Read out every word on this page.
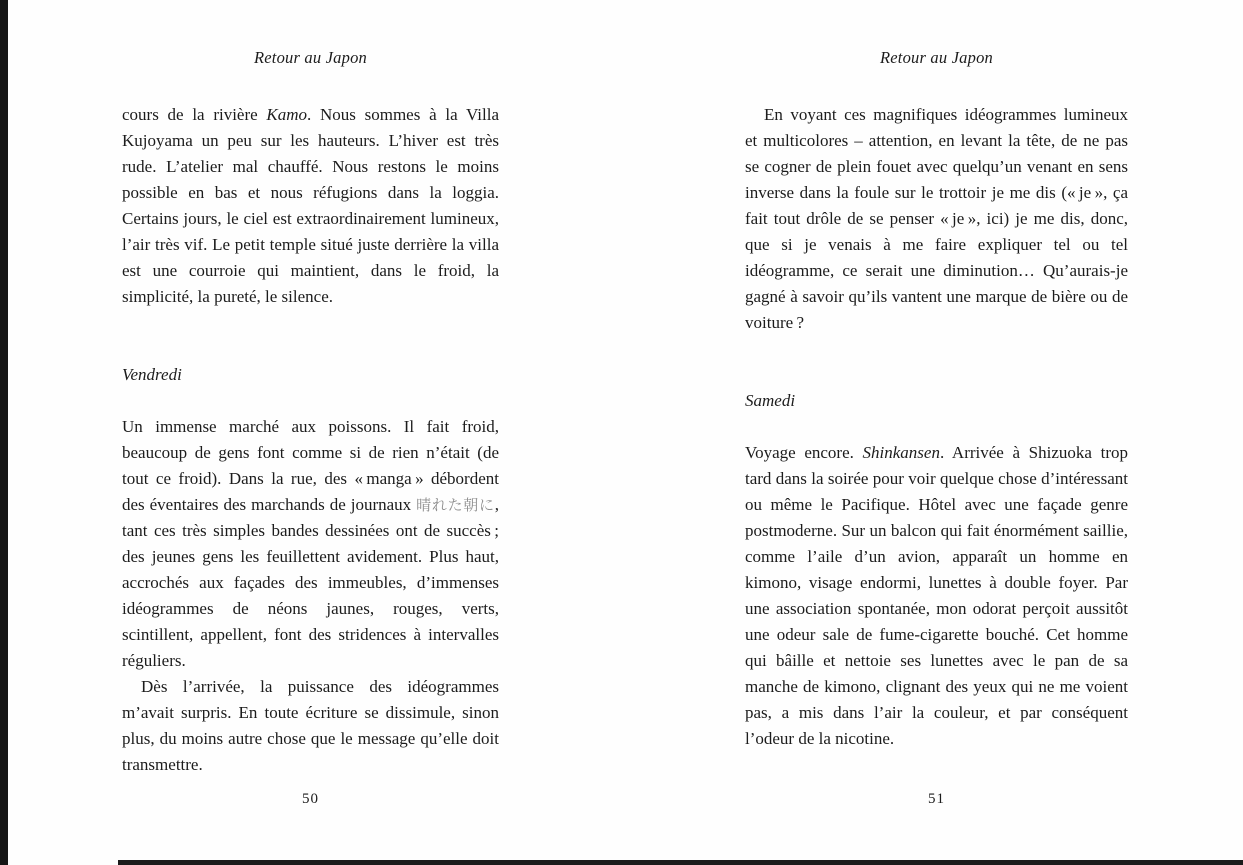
Retour au Japon

cours de la rivière Kamo. Nous sommes à la Villa Kujoyama un peu sur les hauteurs. L’hiver est très rude. L’atelier mal chauffé. Nous restons le moins possible en bas et nous réfugions dans la loggia. Certains jours, le ciel est extraordinairement lumineux, l’air très vif. Le petit temple situé juste derrière la villa est une courroie qui maintient, dans le froid, la simplicité, la pureté, le silence.

Vendredi

Un immense marché aux poissons. Il fait froid, beaucoup de gens font comme si de rien n’était (de tout ce froid). Dans la rue, des « manga » débordent des éventaires des marchands de journaux 晴れた朝に, tant ces très simples bandes dessinées ont de succès ; des jeunes gens les feuillettent avidement. Plus haut, accrochés aux façades des immeubles, d’immenses idéogrammes de néons jaunes, rouges, verts, scintillent, appellent, font des stridences à intervalles réguliers.

Dès l’arrivée, la puissance des idéogrammes m’avait surpris. En toute écriture se dissimule, sinon plus, du moins autre chose que le message qu’elle doit transmettre.

50
Retour au Japon

En voyant ces magnifiques idéogrammes lumineux et multicolores – attention, en levant la tête, de ne pas se cogner de plein fouet avec quelqu’un venant en sens inverse dans la foule sur le trottoir je me dis (« je », ça fait tout drôle de se penser « je », ici) je me dis, donc, que si je venais à me faire expliquer tel ou tel idéogramme, ce serait une diminution… Qu’aurais-je gagné à savoir qu’ils vantent une marque de bière ou de voiture ?

Samedi

Voyage encore. Shinkansen. Arrivée à Shizuoka trop tard dans la soirée pour voir quelque chose d’intéressant ou même le Pacifique. Hôtel avec une façade genre postmoderne. Sur un balcon qui fait énormément saillie, comme l’aile d’un avion, apparaît un homme en kimono, visage endormi, lunettes à double foyer. Par une association spontanée, mon odorat perçoit aussitôt une odeur sale de fume-cigarette bouché. Cet homme qui bâille et nettoie ses lunettes avec le pan de sa manche de kimono, clignant des yeux qui ne me voient pas, a mis dans l’air la couleur, et par conséquent l’odeur de la nicotine.

51
